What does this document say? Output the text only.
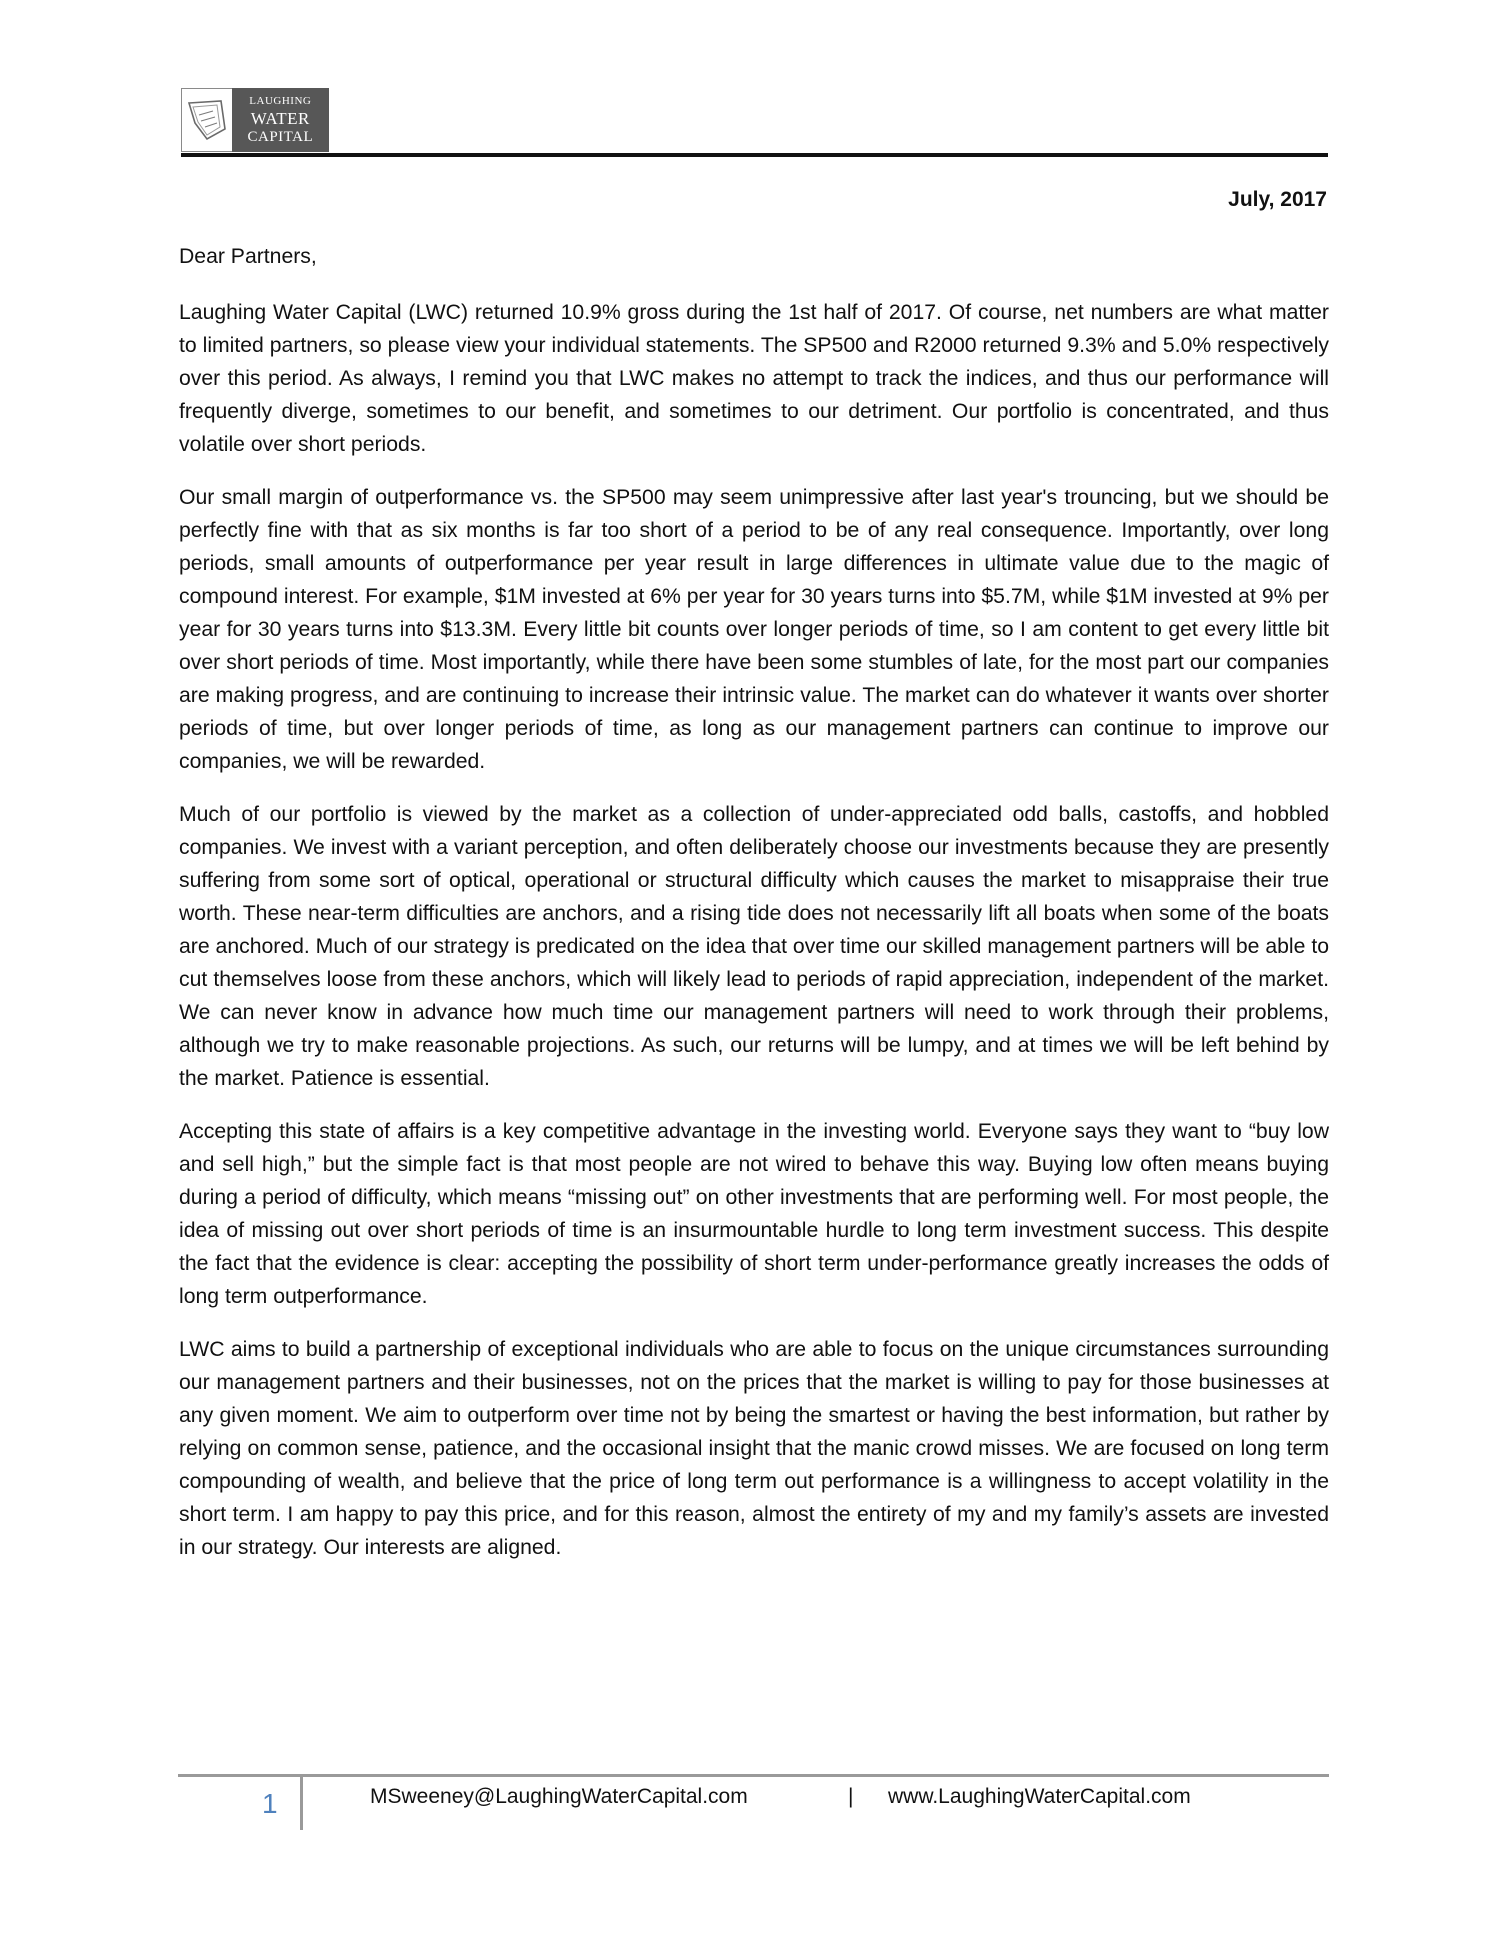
LAUGHING
WATER
CAPITAL
July, 2017
Dear Partners,

Laughing Water Capital (LWC) returned 10.9% gross during the 1st half of 2017. Of course, net numbers are what matter to limited partners, so please view your individual statements. The SP500 and R2000 returned 9.3% and 5.0% respectively over this period. As always, I remind you that LWC makes no attempt to track the indices, and thus our performance will frequently diverge, sometimes to our benefit, and sometimes to our detriment. Our portfolio is concentrated, and thus volatile over short periods.

Our small margin of outperformance vs. the SP500 may seem unimpressive after last year's trouncing, but we should be perfectly fine with that as six months is far too short of a period to be of any real consequence. Importantly, over long periods, small amounts of outperformance per year result in large differences in ultimate value due to the magic of compound interest. For example, $1M invested at 6% per year for 30 years turns into $5.7M, while $1M invested at 9% per year for 30 years turns into $13.3M. Every little bit counts over longer periods of time, so I am content to get every little bit over short periods of time. Most importantly, while there have been some stumbles of late, for the most part our companies are making progress, and are continuing to increase their intrinsic value. The market can do whatever it wants over shorter periods of time, but over longer periods of time, as long as our management partners can continue to improve our companies, we will be rewarded.

Much of our portfolio is viewed by the market as a collection of under-appreciated odd balls, castoffs, and hobbled companies. We invest with a variant perception, and often deliberately choose our investments because they are presently suffering from some sort of optical, operational or structural difficulty which causes the market to misappraise their true worth. These near-term difficulties are anchors, and a rising tide does not necessarily lift all boats when some of the boats are anchored. Much of our strategy is predicated on the idea that over time our skilled management partners will be able to cut themselves loose from these anchors, which will likely lead to periods of rapid appreciation, independent of the market. We can never know in advance how much time our management partners will need to work through their problems, although we try to make reasonable projections. As such, our returns will be lumpy, and at times we will be left behind by the market. Patience is essential.

Accepting this state of affairs is a key competitive advantage in the investing world. Everyone says they want to “buy low and sell high,” but the simple fact is that most people are not wired to behave this way. Buying low often means buying during a period of difficulty, which means “missing out” on other investments that are performing well. For most people, the idea of missing out over short periods of time is an insurmountable hurdle to long term investment success. This despite the fact that the evidence is clear: accepting the possibility of short term under-performance greatly increases the odds of long term outperformance.

LWC aims to build a partnership of exceptional individuals who are able to focus on the unique circumstances surrounding our management partners and their businesses, not on the prices that the market is willing to pay for those businesses at any given moment. We aim to outperform over time not by being the smartest or having the best information, but rather by relying on common sense, patience, and the occasional insight that the manic crowd misses. We are focused on long term compounding of wealth, and believe that the price of long term out performance is a willingness to accept volatility in the short term. I am happy to pay this price, and for this reason, almost the entirety of my and my family’s assets are invested in our strategy. Our interests are aligned.

1	MSweeney@LaughingWaterCapital.com	| www.LaughingWaterCapital.com
